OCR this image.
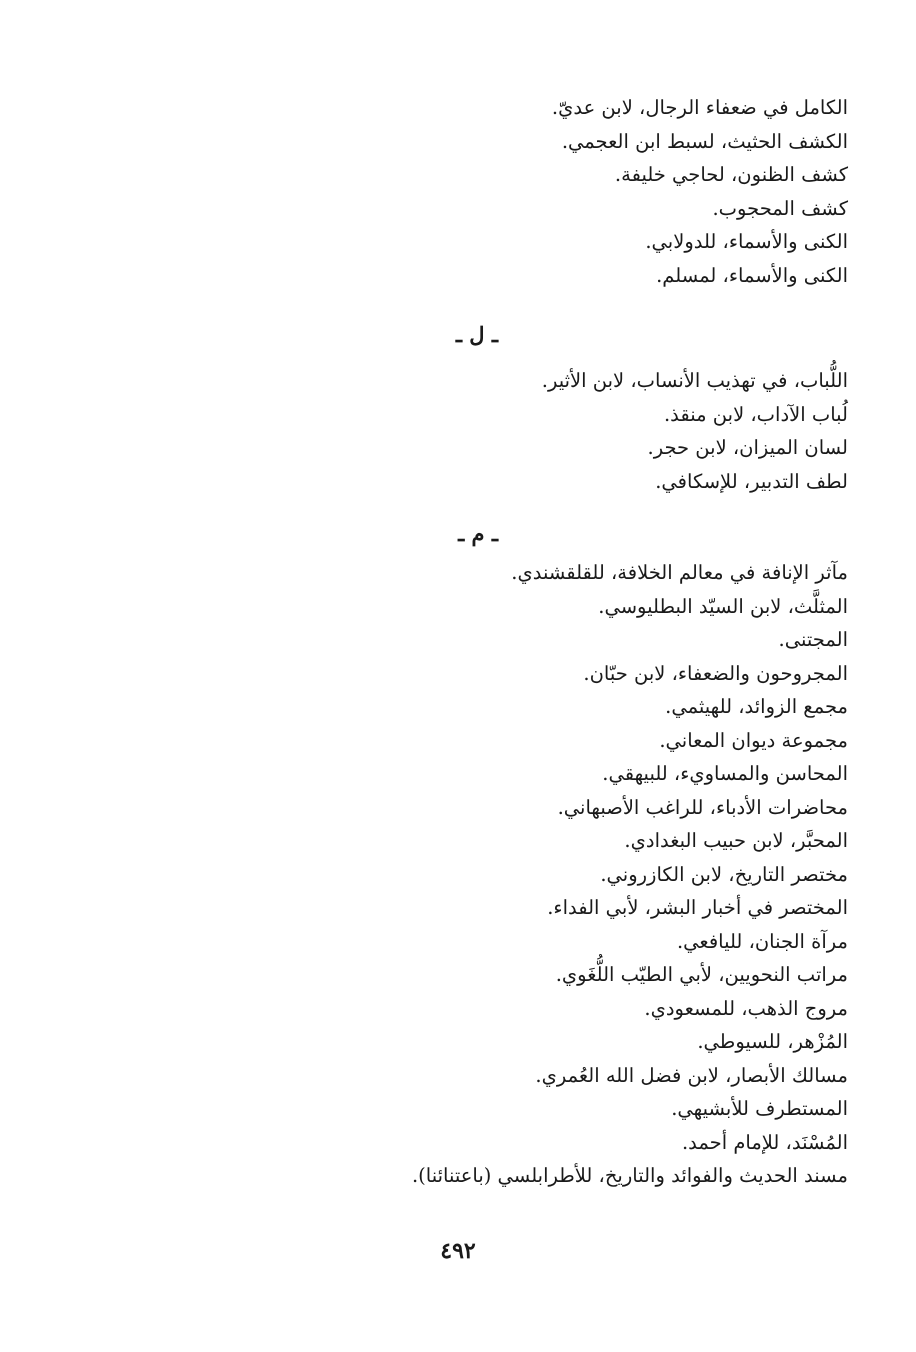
الكامل في ضعفاء الرجال، لابن عديّ.
الكشف الحثيث، لسبط ابن العجمي.
كشف الظنون، لحاجي خليفة.
كشف المحجوب.
الكنى والأسماء، للدولابي.
الكنى والأسماء، لمسلم.
ـ ل ـ
اللُّباب، في تهذيب الأنساب، لابن الأثير.
لُباب الآداب، لابن منقذ.
لسان الميزان، لابن حجر.
لطف التدبير، للإسكافي.
ـ م ـ
مآثر الإنافة في معالم الخلافة، للقلقشندي.
المثلَّث، لابن السيّد البطليوسي.
المجتنى.
المجروحون والضعفاء، لابن حبّان.
مجمع الزوائد، للهيثمي.
مجموعة ديوان المعاني.
المحاسن والمساويء، للبيهقي.
محاضرات الأدباء، للراغب الأصبهاني.
المحبَّر، لابن حبيب البغدادي.
مختصر التاريخ، لابن الكازروني.
المختصر في أخبار البشر، لأبي الفداء.
مرآة الجنان، لليافعي.
مراتب النحويين، لأبي الطيّب اللُّغَوي.
مروج الذهب، للمسعودي.
المُزْهر، للسيوطي.
مسالك الأبصار، لابن فضل الله العُمري.
المستطرف للأبشيهي.
المُسْنَد، للإمام أحمد.
مسند الحديث والفوائد والتاريخ، للأطرابلسي (باعتنائنا).
٤٩٢
